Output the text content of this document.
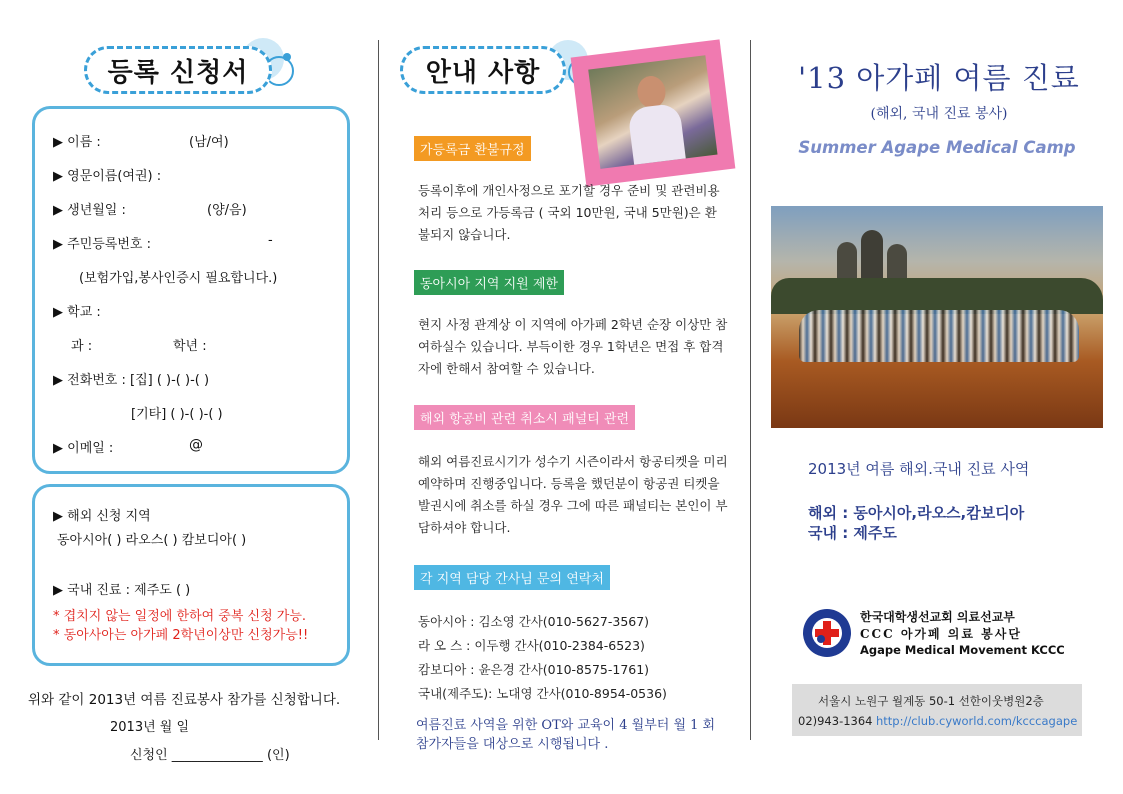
등록 신청서
▶ 이름 :	(남/여)
▶ 영문이름(여권) :
▶ 생년월일 :	(양/음)
▶ 주민등록번호 :	-
(보험가입,봉사인증시 필요합니다.)
▶ 학교 :
과 :	학년 :
▶ 전화번호 : [집] ( )-( )-( )
[기타] ( )-( )-( )
▶ 이메일 :	@
▶ 해외 신청 지역
동아시아( ) 라오스( ) 캄보디아( )
▶ 국내 진료 : 제주도 ( )
* 겹치지 않는 일정에 한하여 중복 신청 가능.
* 동아사아는 아가페 2학년이상만 신청가능!!
위와 같이 2013년 여름 진료봉사 참가를 신청합니다.
2013년 월 일
신청인 ______________ (인)
안내 사항
가등록금 환불규정
등록이후에 개인사정으로 포기할 경우 준비 및 관련비용 처리 등으로 가등록금 ( 국외 10만원, 국내 5만원)은 환불되지 않습니다.
동아시아 지역 지원 제한
현지 사정 관계상 이 지역에 아가페 2학년 순장 이상만 참여하실수 있습니다. 부득이한 경우 1학년은 면접 후 합격자에 한해서 참여할 수 있습니다.
해외 항공비 관련 취소시 패널티 관련
해외 여름진료시기가 성수기 시즌이라서 항공티켓을 미리 예약하며 진행중입니다. 등록을 했던분이 항공권 티켓을 발권시에 취소를 하실 경우 그에 따른 패널티는 본인이 부담하셔야 합니다.
각 지역 담당 간사님 문의 연락처
동아시아 : 김소영 간사(010-5627-3567)
라 오 스 : 이두행 간사(010-2384-6523)
캄보디아 : 윤은경 간사(010-8575-1761)
국내(제주도): 노대영 간사(010-8954-0536)
여름진료 사역을 위한 OT와 교육이 4 월부터 월 1 회 참가자들을 대상으로 시행됩니다 .
'13 아가페 여름 진료
(해외, 국내 진료 봉사)
Summer Agape Medical Camp
2013년 여름 해외.국내 진료 사역
해외 : 동아시아,라오스,캄보디아
국내 : 제주도
한국대학생선교회 의료선교부
CCC 아가페 의료 봉사단
Agape Medical Movement KCCC
서울시 노원구 월계동 50-1 선한이웃병원2층
02)943-1364 http://club.cyworld.com/kcccagape
